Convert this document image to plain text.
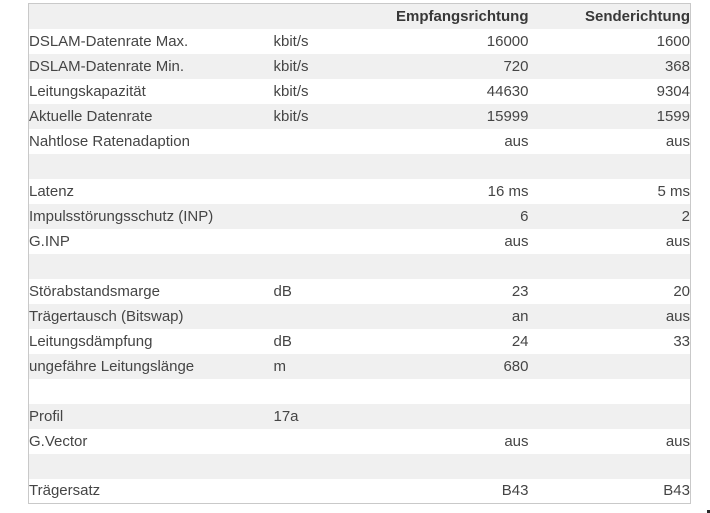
		Empfangsrichtung	Senderichtung
DSLAM-Datenrate Max.	kbit/s	16000	1600
DSLAM-Datenrate Min.	kbit/s	720	368
Leitungskapazität	kbit/s	44630	9304
Aktuelle Datenrate	kbit/s	15999	1599
Nahtlose Ratenadaption		aus	aus

Latenz		16 ms	5 ms
Impulsstörungsschutz (INP)		6	2
G.INP		aus	aus

Störabstandsmarge	dB	23	20
Trägertausch (Bitswap)		an	aus
Leitungsdämpfung	dB	24	33
ungefähre Leitungslänge	m	680	

Profil	17a		
G.Vector		aus	aus

Trägersatz		B43	B43
